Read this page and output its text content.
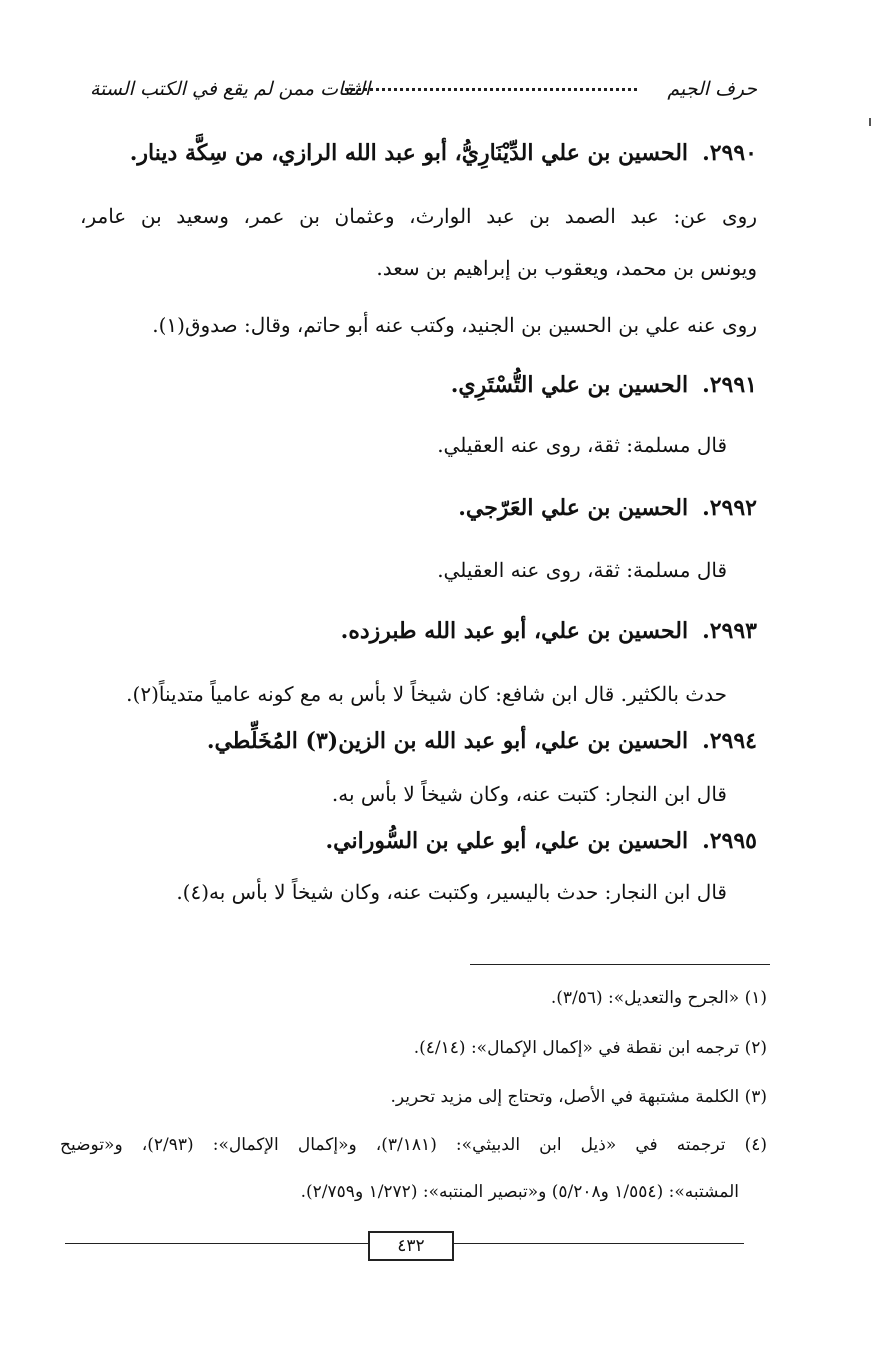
حرف الجيم
الثقات ممن لم يقع في الكتب الستة
٢٩٩٠.الحسين بن علي الدِّيْنَارِيُّ، أبو عبد الله الرازي، من سِكَّة دينار.
روى عن: عبد الصمد بن عبد الوارث، وعثمان بن عمر، وسعيد بن عامر،
ويونس بن محمد، ويعقوب بن إبراهيم بن سعد.
روى عنه علي بن الحسين بن الجنيد، وكتب عنه أبو حاتم، وقال: صدوق(١).
٢٩٩١.الحسين بن علي التُّسْتَرِي.
قال مسلمة: ثقة، روى عنه العقيلي.
٢٩٩٢.الحسين بن علي العَرّجي.
قال مسلمة: ثقة، روى عنه العقيلي.
٢٩٩٣.الحسين بن علي، أبو عبد الله طبرزده.
حدث بالكثير. قال ابن شافع: كان شيخاً لا بأس به مع كونه عامياً متديناً(٢).
٢٩٩٤.الحسين بن علي، أبو عبد الله بن الزين(٣) المُخَلِّطي.
قال ابن النجار: كتبت عنه، وكان شيخاً لا بأس به.
٢٩٩٥.الحسين بن علي، أبو علي بن السُّوراني.
قال ابن النجار: حدث باليسير، وكتبت عنه، وكان شيخاً لا بأس به(٤).
(١) «الجرح والتعديل»: (٣/٥٦).
(٢) ترجمه ابن نقطة في «إكمال الإكمال»: (٤/١٤).
(٣) الكلمة مشتبهة في الأصل، وتحتاج إلى مزيد تحرير.
(٤) ترجمته في «ذيل ابن الدبيثي»: (٣/١٨١)، و«إكمال الإكمال»: (٢/٩٣)، و«توضيح
المشتبه»: (١/٥٥٤ و٥/٢٠٨) و«تبصير المنتبه»: (١/٢٧٢ و٢/٧٥٩).
٤٣٢
